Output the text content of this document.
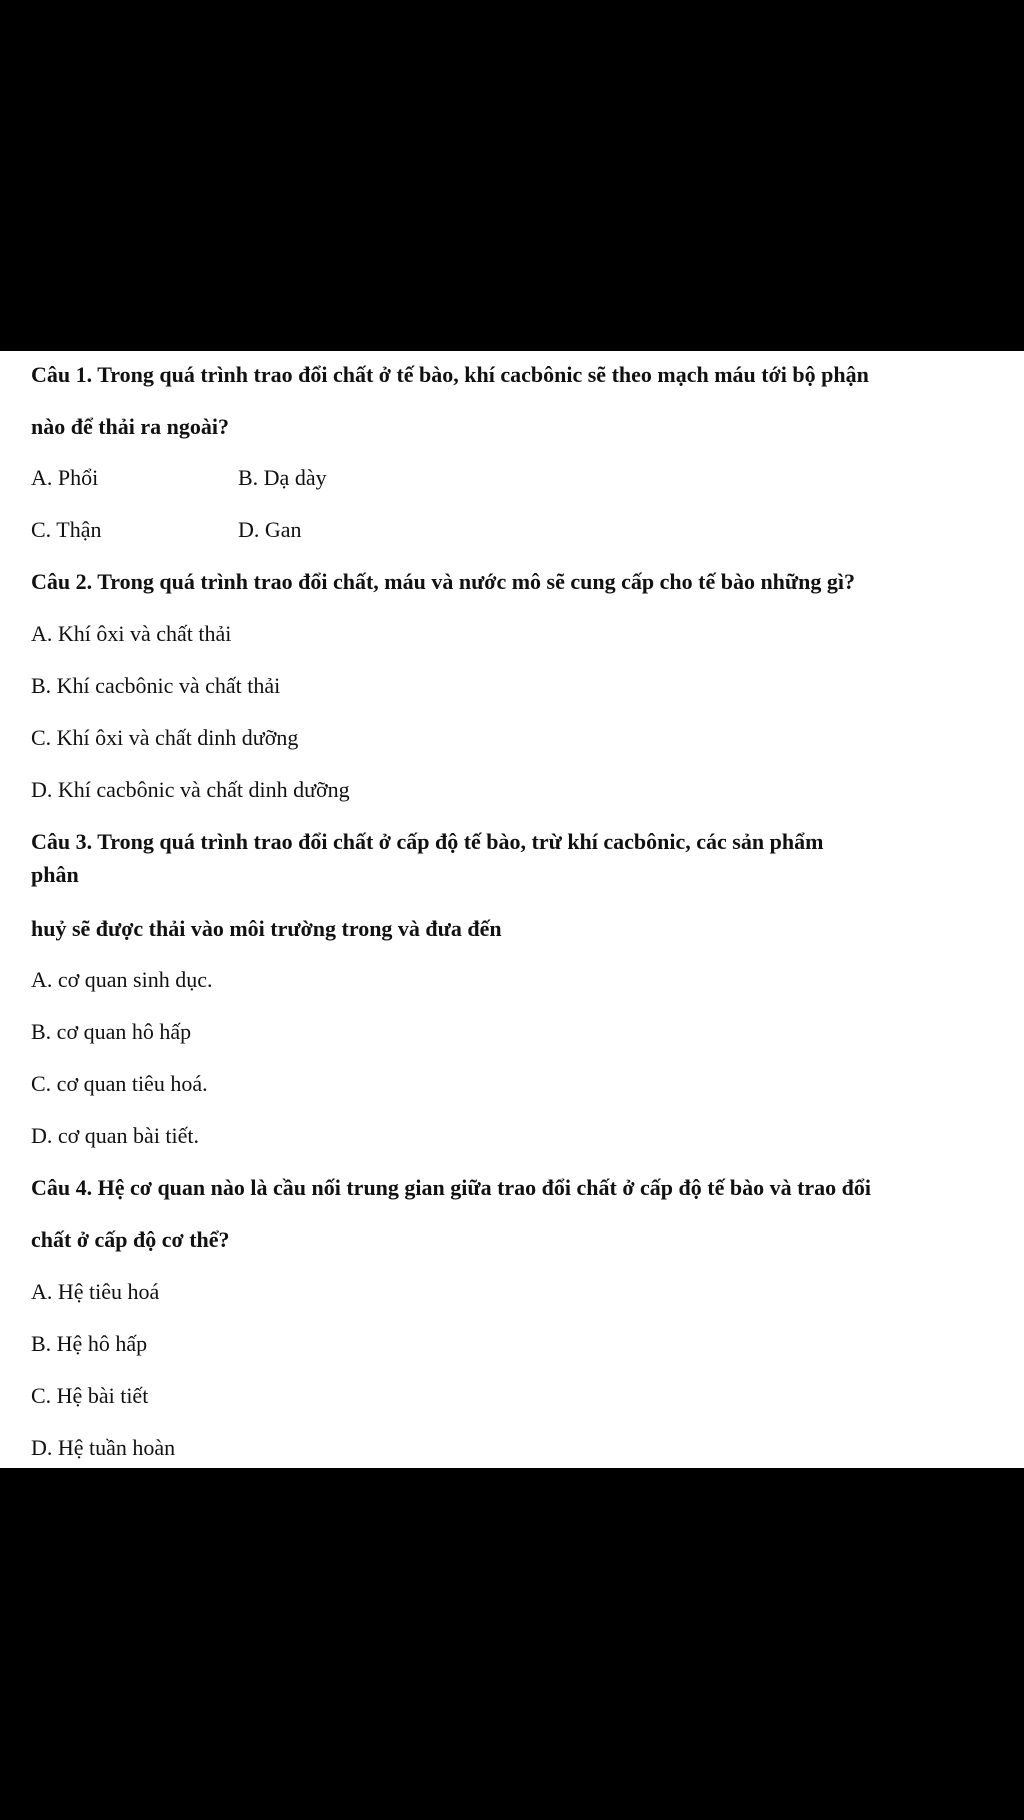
Câu 1. Trong quá trình trao đổi chất ở tế bào, khí cacbônic sẽ theo mạch máu tới bộ phận
nào để thải ra ngoài?
A. Phổi	B. Dạ dày
C. Thận	D. Gan
Câu 2. Trong quá trình trao đổi chất, máu và nước mô sẽ cung cấp cho tế bào những gì?
A. Khí ôxi và chất thải
B. Khí cacbônic và chất thải
C. Khí ôxi và chất dinh dưỡng
D. Khí cacbônic và chất dinh dưỡng
Câu 3. Trong quá trình trao đổi chất ở cấp độ tế bào, trừ khí cacbônic, các sản phẩm
phân
huỷ sẽ được thải vào môi trường trong và đưa đến
A. cơ quan sinh dục.
B. cơ quan hô hấp
C. cơ quan tiêu hoá.
D. cơ quan bài tiết.
Câu 4. Hệ cơ quan nào là cầu nối trung gian giữa trao đổi chất ở cấp độ tế bào và trao đổi
chất ở cấp độ cơ thể?
A. Hệ tiêu hoá
B. Hệ hô hấp
C. Hệ bài tiết
D. Hệ tuần hoàn
